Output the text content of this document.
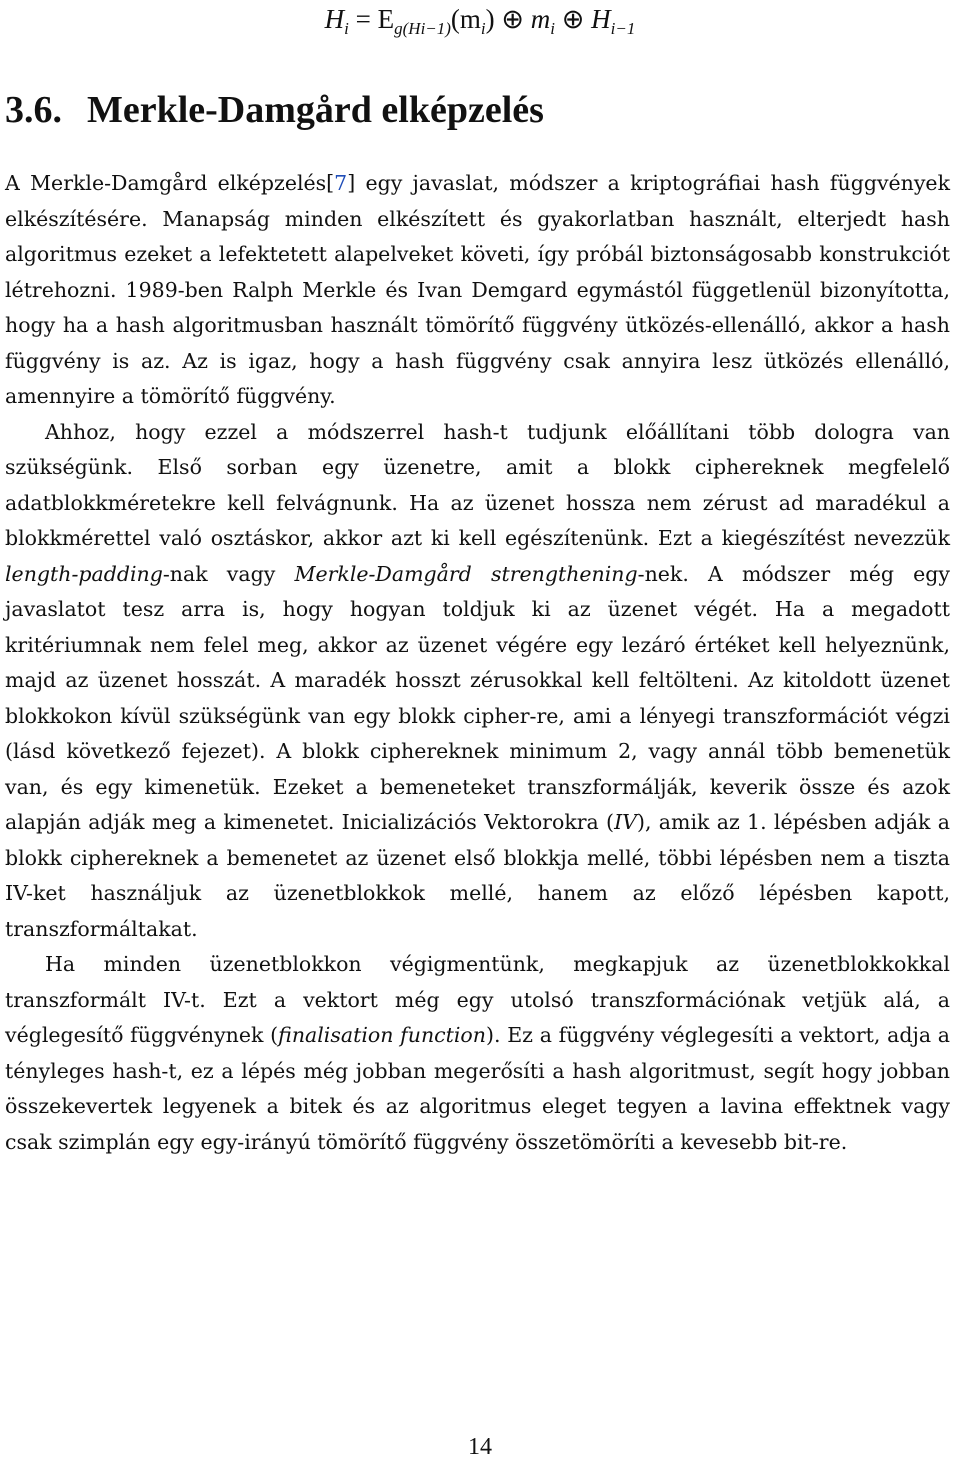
$H_i = E_{g(Hi-1)}(m_i)$ ⊕ $m_i$ ⊕ $H_{i-1}$
3.6. Merkle-Damgård elképzelés

A Merkle-Damgård elképzelés[7] egy javaslat, módszer a kriptográfiai hash függvények elkészítésére. Manapság minden elkészített és gyakorlatban használt, elterjedt hash algoritmus ezeket a lefektetett alapelveket követi, így próbál biztonságosabb konstrukciót létrehozni. 1989-ben Ralph Merkle és Ivan Demgard egymástól függetlenül bizonyította, hogy ha a hash algoritmusban használt tömörítő függvény ütközés-ellenálló, akkor a hash függvény is az. Az is igaz, hogy a hash függvény csak annyira lesz ütközés ellenálló, amennyire a tömörítő függvény.

Ahhoz, hogy ezzel a módszerrel hash-t tudjunk előállítani több dologra van szükségünk. Első sorban egy üzenetre, amit a blokk ciphereknek megfelelő adatblokkméretekre kell felvágnunk. Ha az üzenet hossza nem zérust ad maradékul a blokkmérettel való osztáskor, akkor azt ki kell egészítenünk. Ezt a kiegészítést nevezzük length-padding-nak vagy Merkle-Damgård strengthening-nek. A módszer még egy javaslatot tesz arra is, hogy hogyan toldjuk ki az üzenet végét. Ha a megadott kritériumnak nem felel meg, akkor az üzenet végére egy lezáró értéket kell helyeznünk, majd az üzenet hosszát. A maradék hosszt zérusokkal kell feltölteni. Az kitoldott üzenet blokkokon kívül szükségünk van egy blokk cipher-re, ami a lényegi transzformációt végzi (lásd következő fejezet). A blokk ciphereknek minimum 2, vagy annál több bemenetük van, és egy kimenetük. Ezeket a bemeneteket transzformálják, keverik össze és azok alapján adják meg a kimenetet. Inicializációs Vektorokra (IV), amik az 1. lépésben adják a blokk ciphereknek a bemenetet az üzenet első blokkja mellé, többi lépésben nem a tiszta IV-ket használjuk az üzenetblokkok mellé, hanem az előző lépésben kapott, transzformáltakat.

Ha minden üzenetblokkon végigmentünk, megkapjuk az üzenetblokkokkal transzformált IV-t. Ezt a vektort még egy utolsó transzformációnak vetjük alá, a véglegesítő függvénynek (finalisation function). Ez a függvény véglegesíti a vektort, adja a tényleges hash-t, ez a lépés még jobban megerősíti a hash algoritmust, segít hogy jobban összekevertek legyenek a bitek és az algoritmus eleget tegyen a lavina effektnek vagy csak szimplán egy egy-irányú tömörítő függvény összetömöríti a kevesebb bit-re.

14
